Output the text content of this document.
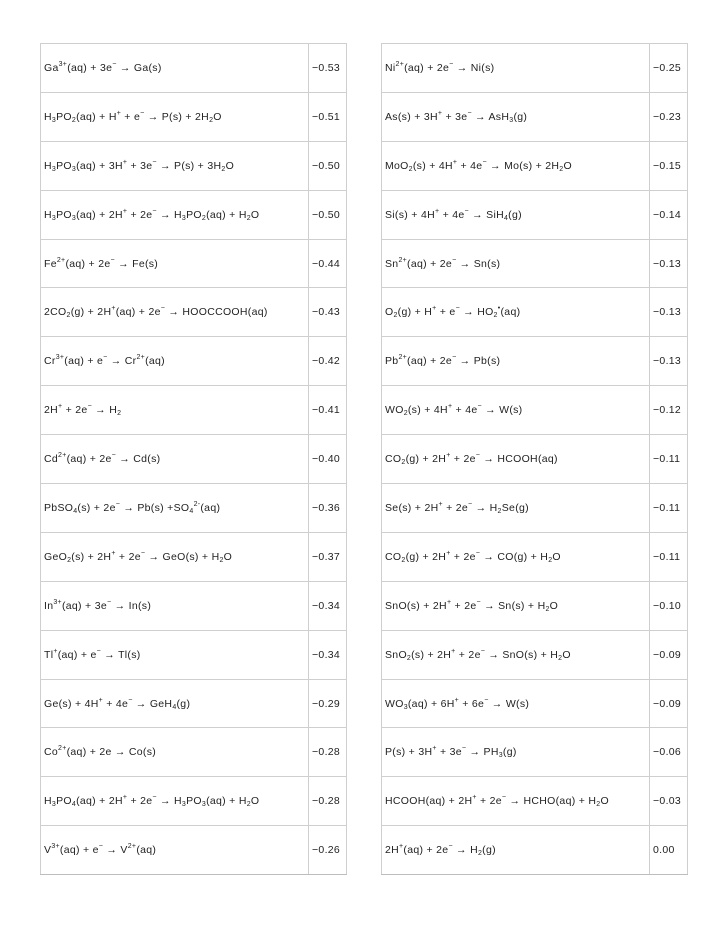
$Ga^{3+}(aq) + 3e^- \to Ga(s)$	−0.53
$H_3PO_2(aq) + H^+ + e^- \to P(s) + 2H_2O$	−0.51
$H_3PO_3(aq) + 3H^+ + 3e^- \to P(s) + 3H_2O$	−0.50
$H_3PO_3(aq) + 2H^+ + 2e^- \to H_3PO_2(aq) + H_2O$	−0.50
$Fe^{2+}(aq) + 2e^- \to Fe(s)$	−0.44
$2CO_2(g) + 2H^+(aq) + 2e^-$ → HOOCCOOH(aq)	−0.43
$Cr^{3+}(aq) + e^- \to Cr^{2+}(aq)$	−0.42
$2H^+ + 2e^- \to H_2$	−0.41
$Cd^{2+}(aq) + 2e^- \to Cd(s)$	−0.40
PbSO$_4$(s) + $2e^- \to Pb(s) +SO_4^{2-}(aq)$	−0.36
$GeO_2(s) + 2H^+ + 2e^- \to GeO(s) + H_2O$	−0.37
$In^{3+}(aq) + 3e^- \to In(s)$	−0.34
Tl+(aq) + e− → Tl(s)	−0.34
Ge(s) + 4H+ + 4e− → GeH$_4$(g)	−0.29
$Co^{2+}(aq) + 2e \to Co(s)$	−0.28
$H_3PO_4(aq) + 2H^+ + 2e^- \to H_3PO_3(aq) + H_2O$	−0.28
$V^{3+}(aq) + e^- \to V^{2+}(aq)$	−0.26
$Ni^{2+}(aq) + 2e^- \to Ni(s)$	−0.25
As(s) + 3H+ + 3e− → AsH$_3$(g)	−0.23
$MoO_2(s) + 4H^+ + 4e^- \to Mo(s) + 2H_2O$	−0.15
Si(s) + 4H+ + 4e− → SiH$_4$(g)	−0.14
$Sn^{2+}(aq) + 2e^- \to Sn(s)$	−0.13
$O_2(g) + H^+ + e^- \to HO_2^•(aq)$	−0.13
$Pb^{2+}(aq) + 2e^- \to Pb(s)$	−0.13
$WO_2(s) + 4H^+ + 4e^- \to W(s)$	−0.12
$CO_2(g) + 2H^+ + 2e^-$ → HCOOH(aq)	−0.11
$Se(s) + 2H^+ + 2e^- \to H_2Se(g)$	−0.11
$CO_2(g) + 2H^+ + 2e^- \to CO(g) + H_2O$	−0.11
$SnO(s) + 2H^+ + 2e^- \to Sn(s) + H_2O$	−0.10
$SnO_2(s) + 2H^+ + 2e^- \to SnO(s) + H_2O$	−0.09
$WO_3(aq) + 6H^+ + 6e^- \to W(s)$	−0.09
$P(s) + 3H^+ + 3e^- \to PH_3(g)$	−0.06
HCOOH(aq) + 2H+ + 2e− → HCHO(aq) + $H_2O$	−0.03
$2H^+(aq) + 2e^- \to H_2(g)$	0.00
